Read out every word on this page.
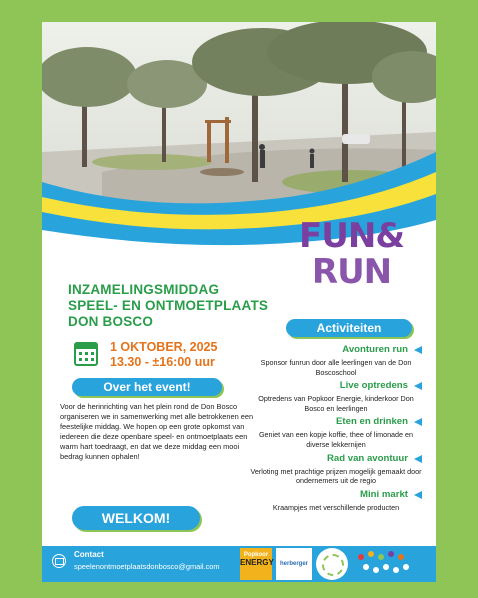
FUN&
RUN
INZAMELINGSMIDDAG
SPEEL- EN ONTMOETPLAATS
DON BOSCO
1 OKTOBER, 2025
13.30 - ±16:00 uur
Over het event!
Voor de herinrichting van het plein rond de Don Bosco organiseren we in samenwerking met alle betrokkenen een feestelijke middag. We hopen op een grote opkomst van iedereen die deze openbare speel- en ontmoetplaats een warm hart toedraagt, en dat we deze middag een mooi bedrag kunnen ophalen!
WELKOM!
Activiteiten
Avonturen run
Sponsor funrun door alle leerlingen van de Don Boscoschool
Live optredens
Optredens van Popkoor Energie, kinderkoor Don Bosco en leerlingen
Eten en drinken
Geniet van een kopje koffie, thee of limonade en diverse lekkernijen
Rad van avontuur
Verloting met prachtige prijzen mogelijk gemaakt door ondernemers uit de regio
Mini markt
Kraampjes met verschillende producten
Contact
speelenontmoetplaatsdonbosco@gmail.com
Popkoor
ENERGY	herberger
